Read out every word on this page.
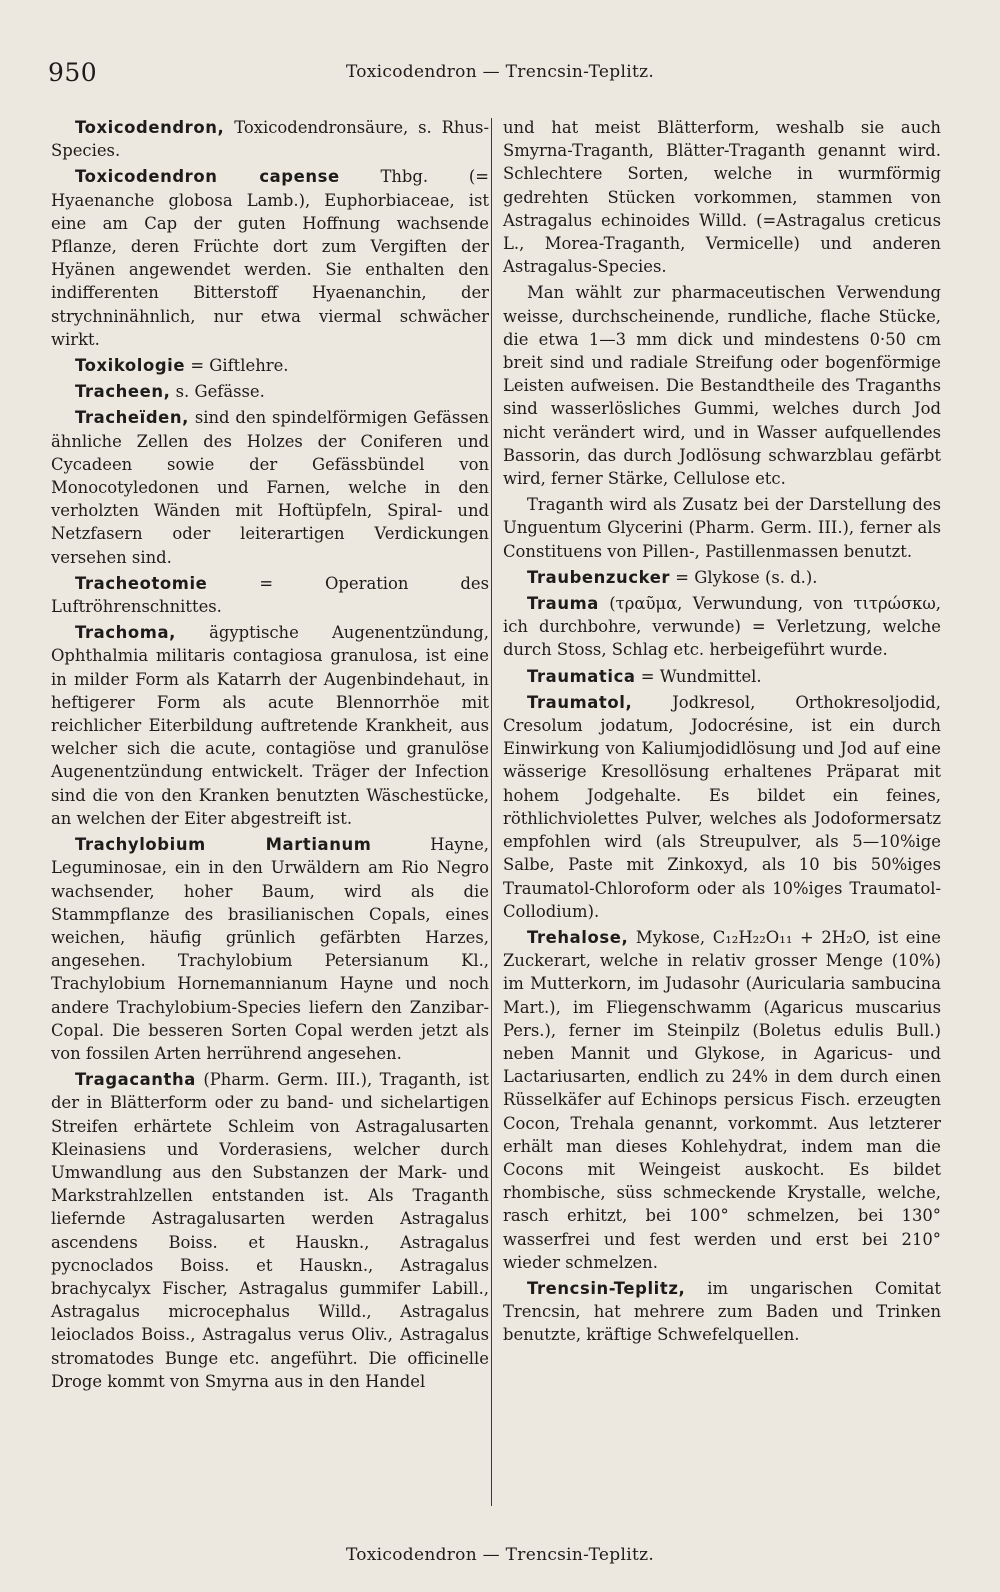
950	Toxicodendron — Trencsin-Teplitz.

Toxicodendron, Toxicodendronsäure, s. Rhus-Species.

Toxicodendron capense Thbg. (= Hyaenanche globosa Lamb.), Euphorbiaceae, ist eine am Cap der guten Hoffnung wachsende Pflanze, deren Früchte dort zum Vergiften der Hyänen angewendet werden. Sie enthalten den indifferenten Bitterstoff Hyaenanchin, der strychninähnlich, nur etwa viermal schwächer wirkt.

Toxikologie = Giftlehre.

Tracheen, s. Gefässe.

Tracheïden, sind den spindelförmigen Gefässen ähnliche Zellen des Holzes der Coniferen und Cycadeen sowie der Gefässbündel von Monocotyledonen und Farnen, welche in den verholzten Wänden mit Hoftüpfeln, Spiral- und Netzfasern oder leiterartigen Verdickungen versehen sind.

Tracheotomie = Operation des Luftröhrenschnittes.

Trachoma, ägyptische Augenentzündung, Ophthalmia militaris contagiosa granulosa, ist eine in milder Form als Katarrh der Augenbindehaut, in heftigerer Form als acute Blennorrhöe mit reichlicher Eiterbildung auftretende Krankheit, aus welcher sich die acute, contagiöse und granulöse Augenentzündung entwickelt. Träger der Infection sind die von den Kranken benutzten Wäschestücke, an welchen der Eiter abgestreift ist.

Trachylobium Martianum Hayne, Leguminosae, ein in den Urwäldern am Rio Negro wachsender, hoher Baum, wird als die Stammpflanze des brasilianischen Copals, eines weichen, häufig grünlich gefärbten Harzes, angesehen. Trachylobium Petersianum Kl., Trachylobium Hornemannianum Hayne und noch andere Trachylobium-Species liefern den Zanzibar-Copal. Die besseren Sorten Copal werden jetzt als von fossilen Arten herrührend angesehen.

Tragacantha (Pharm. Germ. III.), Traganth, ist der in Blätterform oder zu band- und sichelartigen Streifen erhärtete Schleim von Astragalusarten Kleinasiens und Vorderasiens, welcher durch Umwandlung aus den Substanzen der Mark- und Markstrahlzellen entstanden ist. Als Traganth liefernde Astragalusarten werden Astragalus ascendens Boiss. et Hauskn., Astragalus pycnoclados Boiss. et Hauskn., Astragalus brachycalyx Fischer, Astragalus gummifer Labill., Astragalus microcephalus Willd., Astragalus leioclados Boiss., Astragalus verus Oliv., Astragalus stromatodes Bunge etc. angeführt. Die officinelle Droge kommt von Smyrna aus in den Handel

und hat meist Blätterform, weshalb sie auch Smyrna-Traganth, Blätter-Traganth genannt wird. Schlechtere Sorten, welche in wurmförmig gedrehten Stücken vorkommen, stammen von Astragalus echinoides Willd. (=Astragalus creticus L., Morea-Traganth, Vermicelle) und anderen Astragalus-Species.

Man wählt zur pharmaceutischen Verwendung weisse, durchscheinende, rundliche, flache Stücke, die etwa 1—3 mm dick und mindestens 0·50 cm breit sind und radiale Streifung oder bogenförmige Leisten aufweisen. Die Bestandtheile des Traganths sind wasserlösliches Gummi, welches durch Jod nicht verändert wird, und in Wasser aufquellendes Bassorin, das durch Jodlösung schwarzblau gefärbt wird, ferner Stärke, Cellulose etc.

Traganth wird als Zusatz bei der Darstellung des Unguentum Glycerini (Pharm. Germ. III.), ferner als Constituens von Pillen-, Pastillenmassen benutzt.

Traubenzucker = Glykose (s. d.).

Trauma (τραῦμα, Verwundung, von τιτρώσκω, ich durchbohre, verwunde) = Verletzung, welche durch Stoss, Schlag etc. herbeigeführt wurde.

Traumatica = Wundmittel.

Traumatol, Jodkresol, Orthokresoljodid, Cresolum jodatum, Jodocrésine, ist ein durch Einwirkung von Kaliumjodidlösung und Jod auf eine wässerige Kresollösung erhaltenes Präparat mit hohem Jodgehalte. Es bildet ein feines, röthlichviolettes Pulver, welches als Jodoformersatz empfohlen wird (als Streupulver, als 5—10%ige Salbe, Paste mit Zinkoxyd, als 10 bis 50%iges Traumatol-Chloroform oder als 10%iges Traumatol-Collodium).

Trehalose, Mykose, C₁₂H₂₂O₁₁ + 2H₂O, ist eine Zuckerart, welche in relativ grosser Menge (10%) im Mutterkorn, im Judasohr (Auricularia sambucina Mart.), im Fliegenschwamm (Agaricus muscarius Pers.), ferner im Steinpilz (Boletus edulis Bull.) neben Mannit und Glykose, in Agaricus- und Lactariusarten, endlich zu 24% in dem durch einen Rüsselkäfer auf Echinops persicus Fisch. erzeugten Cocon, Trehala genannt, vorkommt. Aus letzterer erhält man dieses Kohlehydrat, indem man die Cocons mit Weingeist auskocht. Es bildet rhombische, süss schmeckende Krystalle, welche, rasch erhitzt, bei 100° schmelzen, bei 130° wasserfrei und fest werden und erst bei 210° wieder schmelzen.

Trencsin-Teplitz, im ungarischen Comitat Trencsin, hat mehrere zum Baden und Trinken benutzte, kräftige Schwefelquellen.

Toxicodendron — Trencsin-Teplitz.
